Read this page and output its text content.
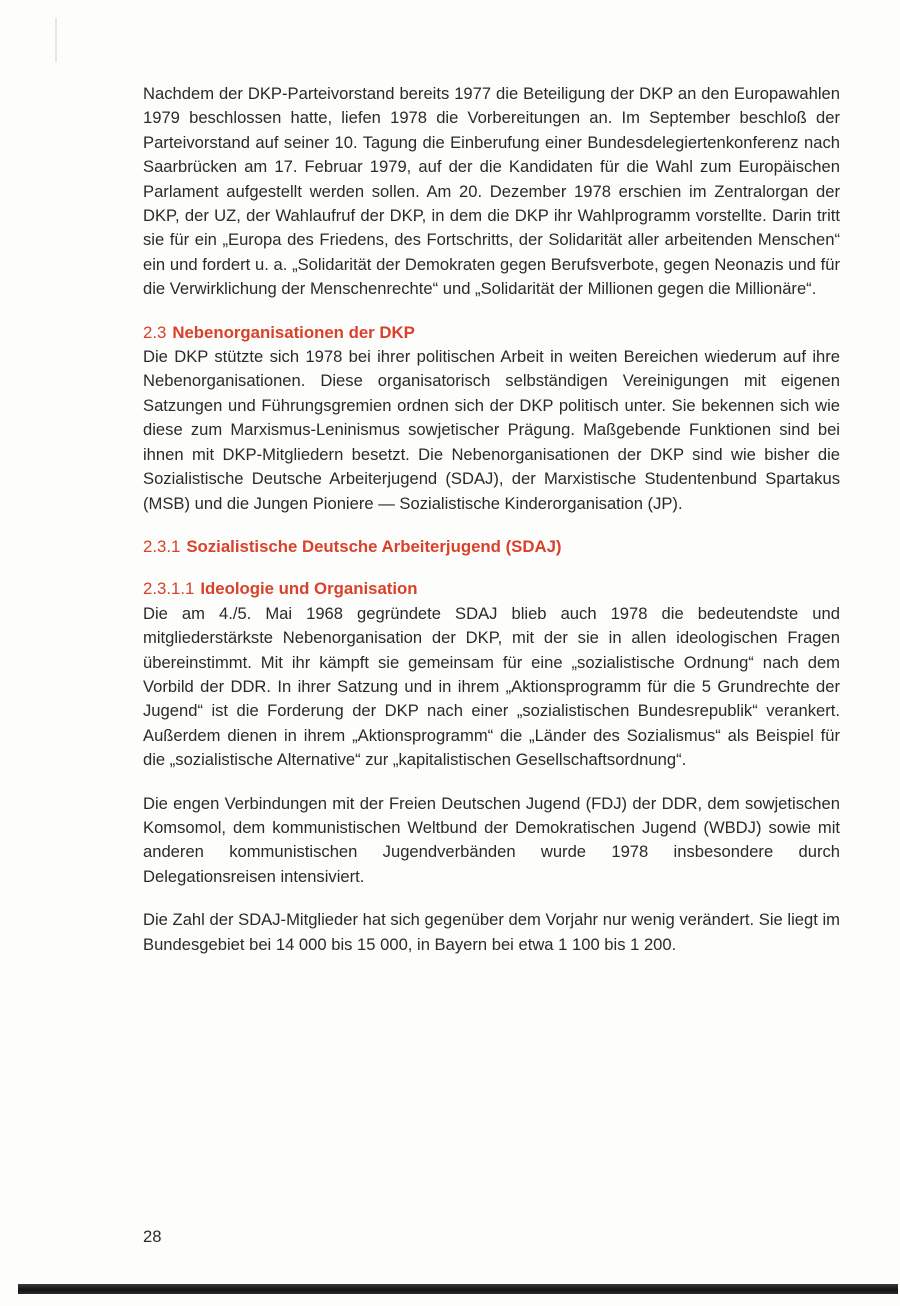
Nachdem der DKP-Parteivorstand bereits 1977 die Beteiligung der DKP an den Europawahlen 1979 beschlossen hatte, liefen 1978 die Vorbereitungen an. Im September beschloß der Parteivorstand auf seiner 10. Tagung die Einberufung einer Bundesdelegiertenkonferenz nach Saarbrücken am 17. Februar 1979, auf der die Kandidaten für die Wahl zum Europäischen Parlament aufgestellt werden sollen. Am 20. Dezember 1978 erschien im Zentralorgan der DKP, der UZ, der Wahlaufruf der DKP, in dem die DKP ihr Wahlprogramm vorstellte. Darin tritt sie für ein „Europa des Friedens, des Fortschritts, der Solidarität aller arbeitenden Menschen“ ein und fordert u. a. „Solidarität der Demokraten gegen Berufsverbote, gegen Neonazis und für die Verwirklichung der Menschenrechte“ und „Solidarität der Millionen gegen die Millionäre“.

2.3 Nebenorganisationen der DKP

Die DKP stützte sich 1978 bei ihrer politischen Arbeit in weiten Bereichen wiederum auf ihre Nebenorganisationen. Diese organisatorisch selbständigen Vereinigungen mit eigenen Satzungen und Führungsgremien ordnen sich der DKP politisch unter. Sie bekennen sich wie diese zum Marxismus-Leninismus sowjetischer Prägung. Maßgebende Funktionen sind bei ihnen mit DKP-Mitgliedern besetzt. Die Nebenorganisationen der DKP sind wie bisher die Sozialistische Deutsche Arbeiterjugend (SDAJ), der Marxistische Studentenbund Spartakus (MSB) und die Jungen Pioniere — Sozialistische Kinderorganisation (JP).

2.3.1 Sozialistische Deutsche Arbeiterjugend (SDAJ)
2.3.1.1 Ideologie und Organisation

Die am 4./5. Mai 1968 gegründete SDAJ blieb auch 1978 die bedeutendste und mitgliederstärkste Nebenorganisation der DKP, mit der sie in allen ideologischen Fragen übereinstimmt. Mit ihr kämpft sie gemeinsam für eine „sozialistische Ordnung“ nach dem Vorbild der DDR. In ihrer Satzung und in ihrem „Aktionsprogramm für die 5 Grundrechte der Jugend“ ist die Forderung der DKP nach einer „sozialistischen Bundesrepublik“ verankert. Außerdem dienen in ihrem „Aktionsprogramm“ die „Länder des Sozialismus“ als Beispiel für die „sozialistische Alternative“ zur „kapitalistischen Gesellschaftsordnung“.

Die engen Verbindungen mit der Freien Deutschen Jugend (FDJ) der DDR, dem sowjetischen Komsomol, dem kommunistischen Weltbund der Demokratischen Jugend (WBDJ) sowie mit anderen kommunistischen Jugendverbänden wurde 1978 insbesondere durch Delegationsreisen intensiviert.

Die Zahl der SDAJ-Mitglieder hat sich gegenüber dem Vorjahr nur wenig verändert. Sie liegt im Bundesgebiet bei 14 000 bis 15 000, in Bayern bei etwa 1 100 bis 1 200.

28
